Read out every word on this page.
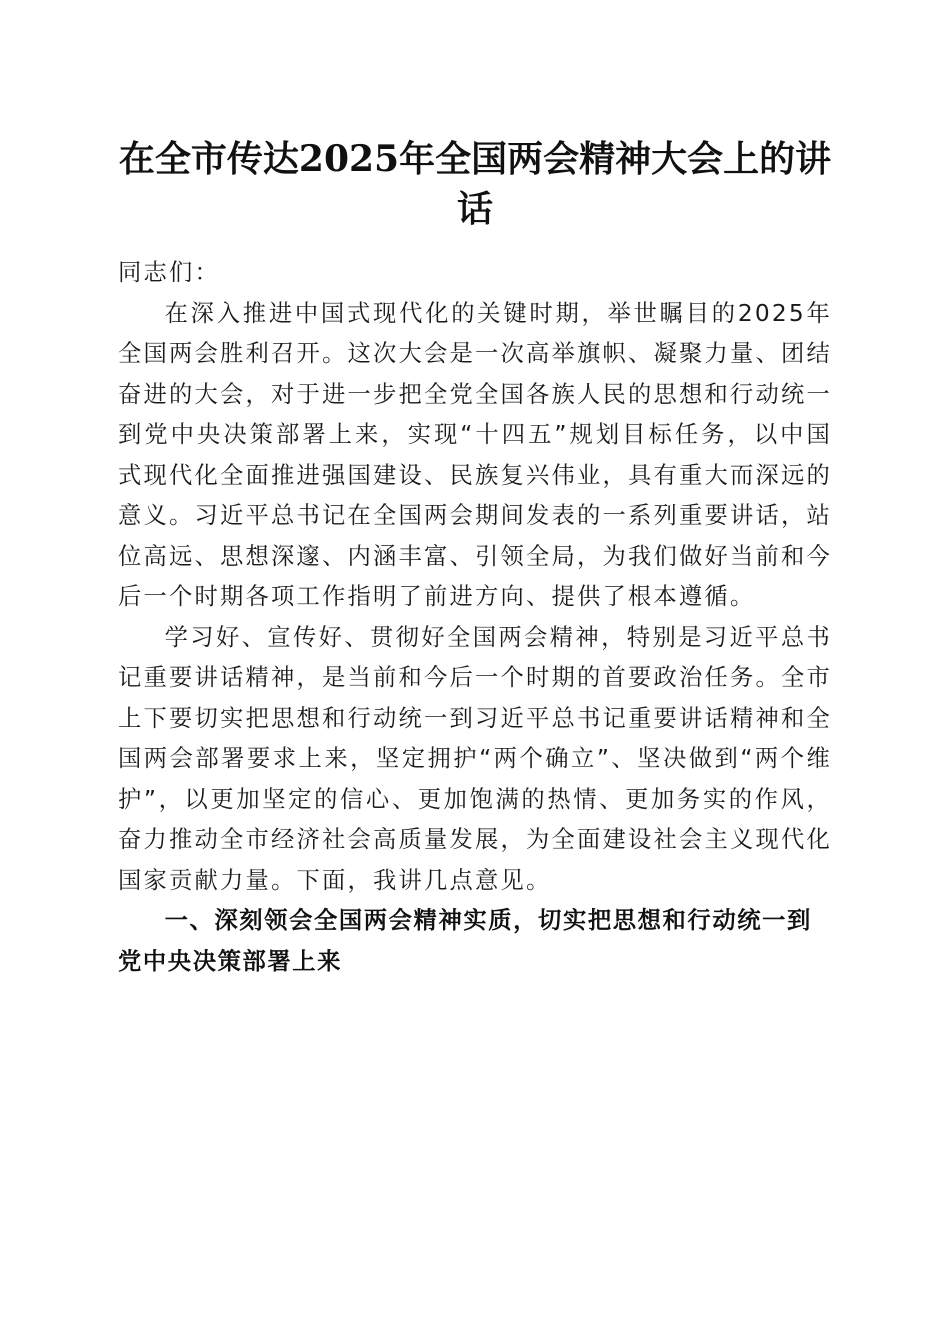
在全市传达2025年全国两会精神大会上的讲话

同志们：

在深入推进中国式现代化的关键时期，举世瞩目的2025年全国两会胜利召开。这次大会是一次高举旗帜、凝聚力量、团结奋进的大会，对于进一步把全党全国各族人民的思想和行动统一到党中央决策部署上来，实现“十四五”规划目标任务，以中国式现代化全面推进强国建设、民族复兴伟业，具有重大而深远的意义。习近平总书记在全国两会期间发表的一系列重要讲话，站位高远、思想深邃、内涵丰富、引领全局，为我们做好当前和今后一个时期各项工作指明了前进方向、提供了根本遵循。

学习好、宣传好、贯彻好全国两会精神，特别是习近平总书记重要讲话精神，是当前和今后一个时期的首要政治任务。全市上下要切实把思想和行动统一到习近平总书记重要讲话精神和全国两会部署要求上来，坚定拥护“两个确立”、坚决做到“两个维护”，以更加坚定的信心、更加饱满的热情、更加务实的作风，奋力推动全市经济社会高质量发展，为全面建设社会主义现代化国家贡献力量。下面，我讲几点意见。

一、深刻领会全国两会精神实质，切实把思想和行动统一到党中央决策部署上来
